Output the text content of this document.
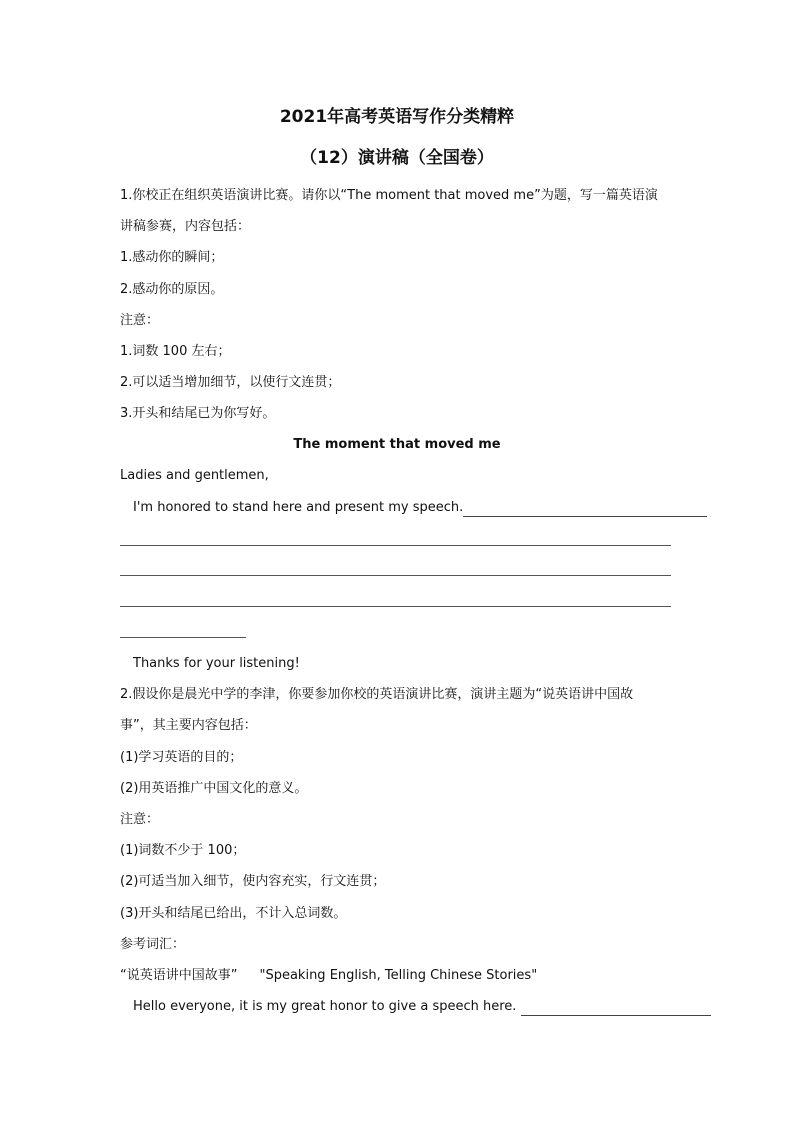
2021年高考英语写作分类精粹
（12）演讲稿（全国卷）
1.你校正在组织英语演讲比赛。请你以“The moment that moved me”为题，写一篇英语演
讲稿参赛，内容包括：
1.感动你的瞬间；
2.感动你的原因。
注意：
1.词数 100 左右；
2.可以适当增加细节，以使行文连贯；
3.开头和结尾已为你写好。
The moment that moved me
Ladies and gentlemen,
I'm honored to stand here and present my speech.
Thanks for your listening!
2.假设你是晨光中学的李津，你要参加你校的英语演讲比赛，演讲主题为“说英语讲中国故
事”，其主要内容包括：
(1)学习英语的目的；
(2)用英语推广中国文化的意义。
注意：
(1)词数不少于 100；
(2)可适当加入细节，使内容充实，行文连贯；
(3)开头和结尾已给出，不计入总词数。
参考词汇：
“说英语讲中国故事” "Speaking English, Telling Chinese Stories"
Hello everyone, it is my great honor to give a speech here.
